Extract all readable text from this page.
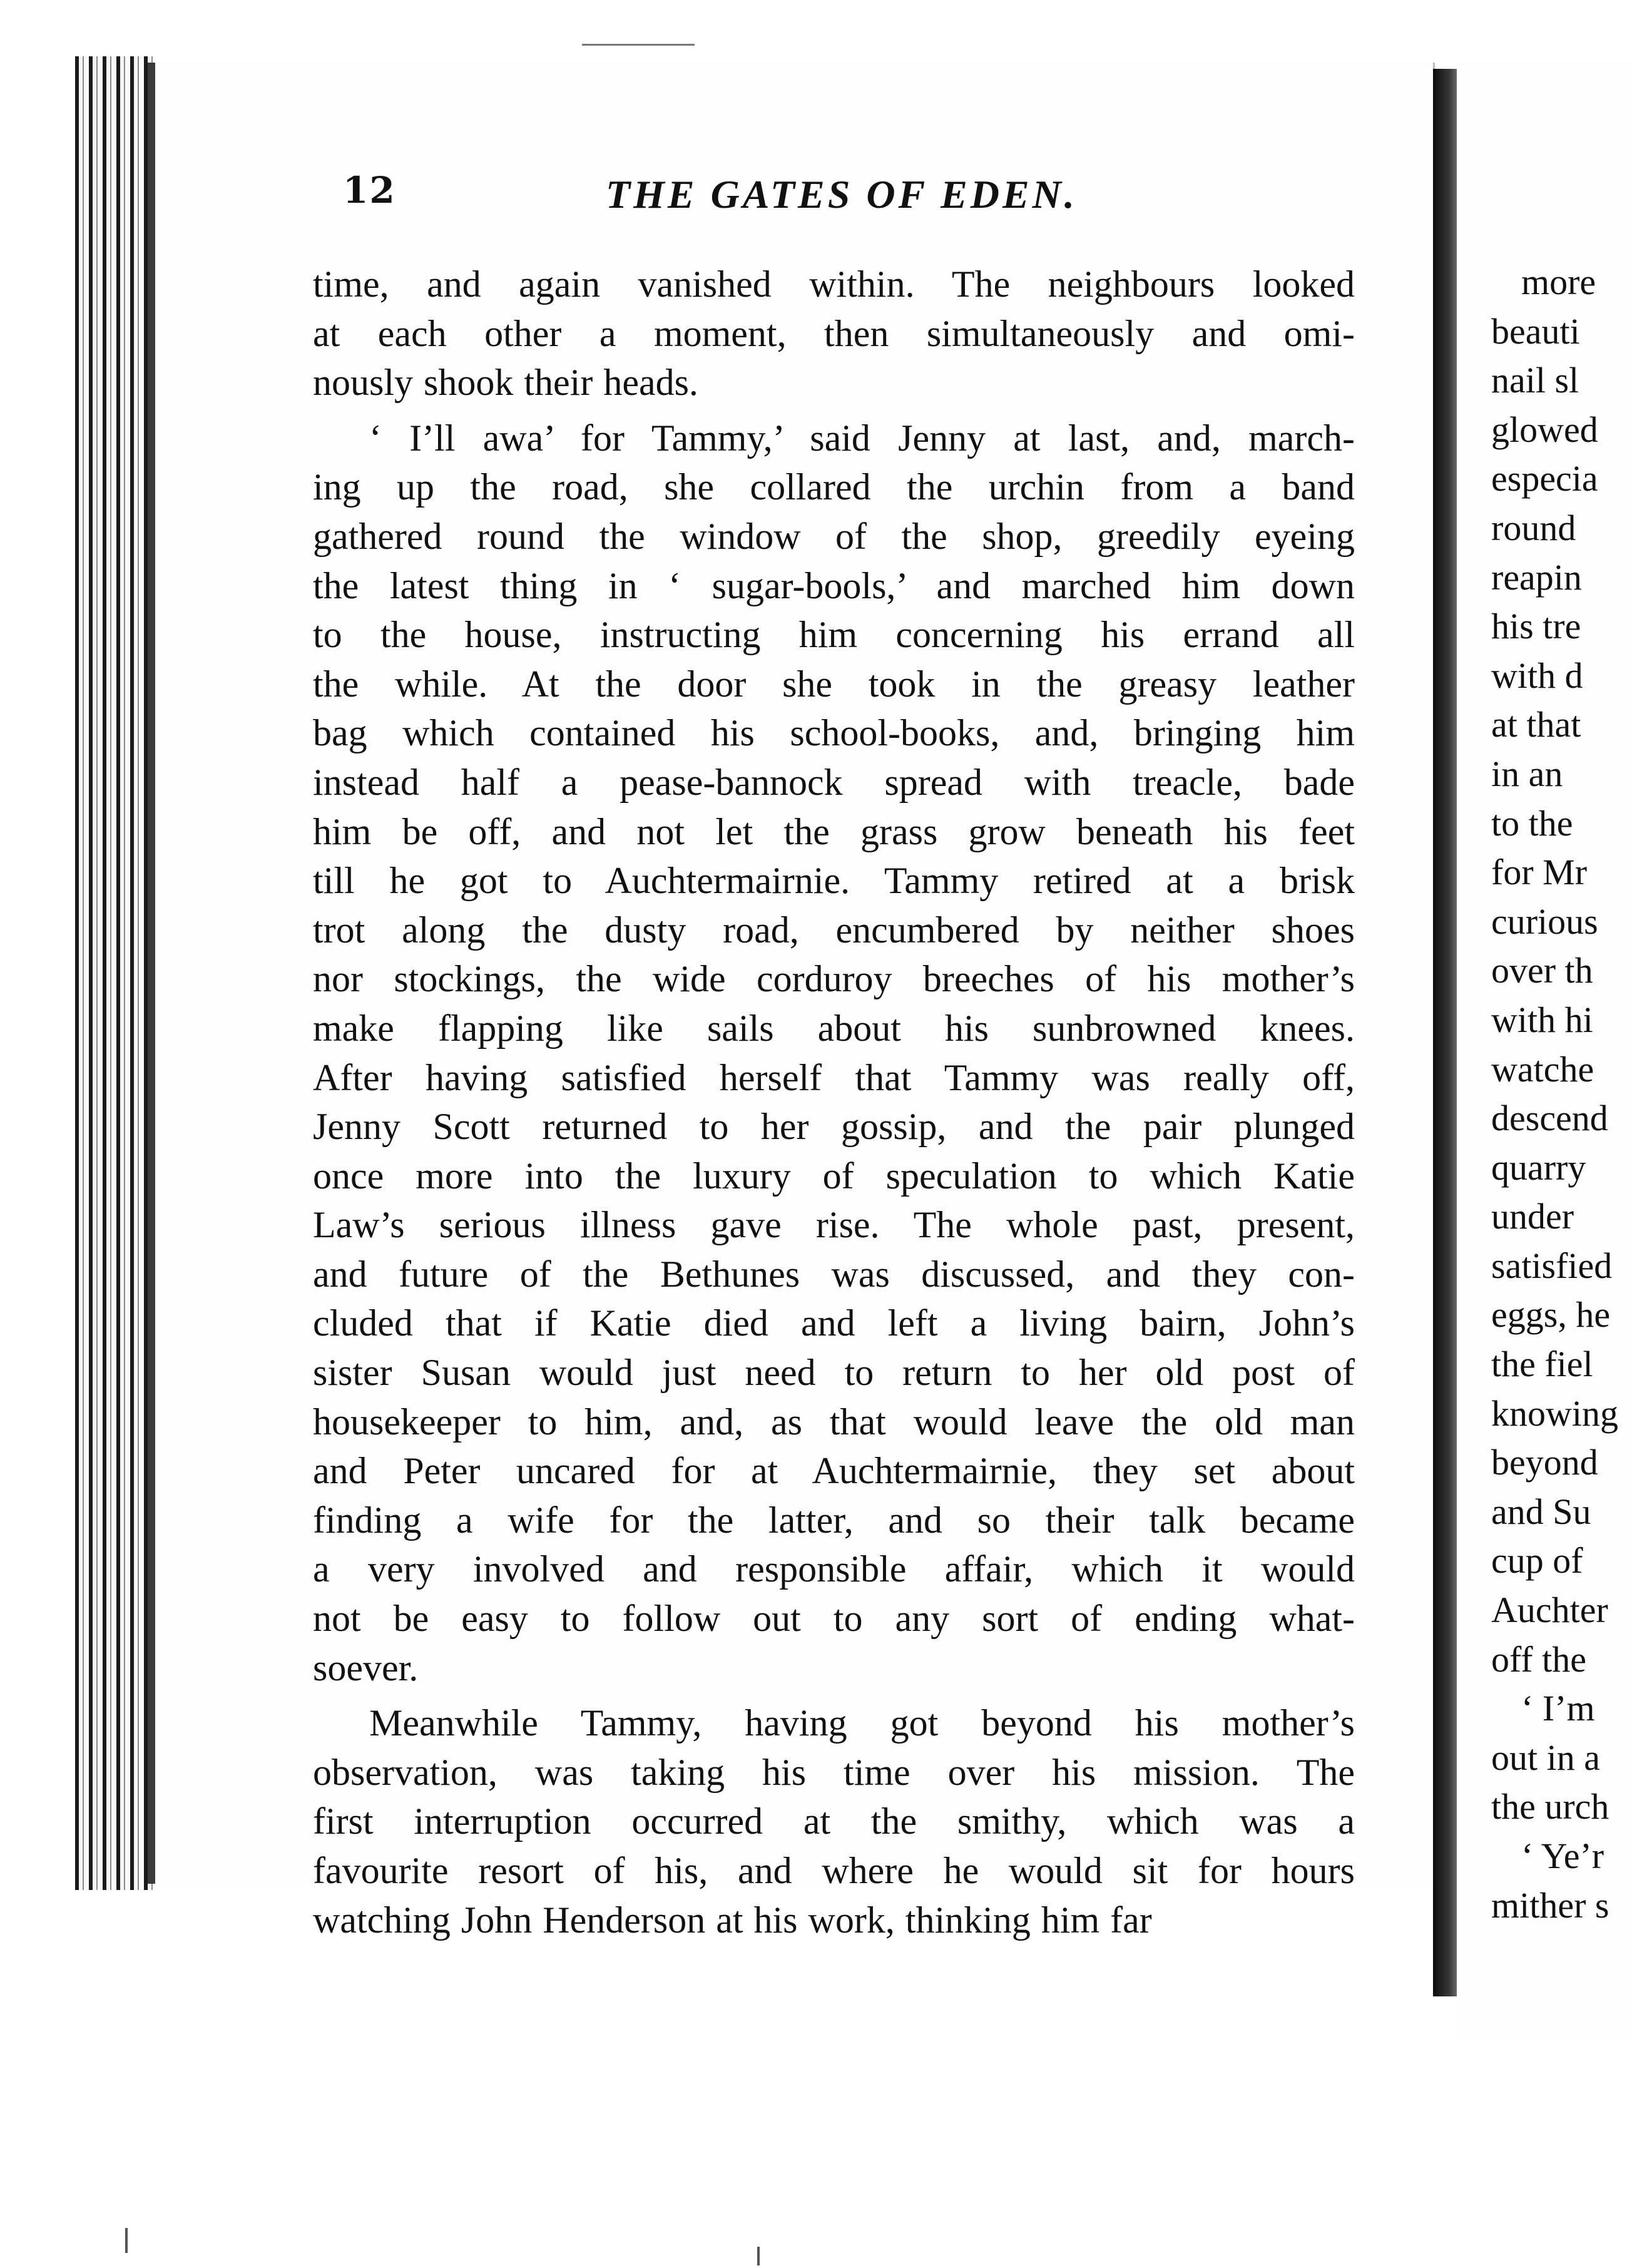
more
beauti
nail sl
glowed
especia
round
reapin
his tre
with d
at that
in an
to the
for Mr
curious
over th
with hi
watche
descend
quarry
under
satisfied
eggs, he
the fiel
knowing
beyond
and Su
cup of
Auchter
off the
‘ I’m
out in a
the urch
‘ Ye’r
mither s
12	THE GATES OF EDEN.
time, and again vanished within. The neighbours looked
at each other a moment, then simultaneously and omi-
nously shook their heads.
‘ I’ll awa’ for Tammy,’ said Jenny at last, and, march-
ing up the road, she collared the urchin from a band
gathered round the window of the shop, greedily eyeing
the latest thing in ‘ sugar-bools,’ and marched him down
to the house, instructing him concerning his errand all
the while. At the door she took in the greasy leather
bag which contained his school-books, and, bringing him
instead half a pease-bannock spread with treacle, bade
him be off, and not let the grass grow beneath his feet
till he got to Auchtermairnie. Tammy retired at a brisk
trot along the dusty road, encumbered by neither shoes
nor stockings, the wide corduroy breeches of his mother’s
make flapping like sails about his sunbrowned knees.
After having satisfied herself that Tammy was really off,
Jenny Scott returned to her gossip, and the pair plunged
once more into the luxury of speculation to which Katie
Law’s serious illness gave rise. The whole past, present,
and future of the Bethunes was discussed, and they con-
cluded that if Katie died and left a living bairn, John’s
sister Susan would just need to return to her old post of
housekeeper to him, and, as that would leave the old man
and Peter uncared for at Auchtermairnie, they set about
finding a wife for the latter, and so their talk became
a very involved and responsible affair, which it would
not be easy to follow out to any sort of ending what-
soever.
Meanwhile Tammy, having got beyond his mother’s
observation, was taking his time over his mission. The
first interruption occurred at the smithy, which was a
favourite resort of his, and where he would sit for hours
watching John Henderson at his work, thinking him far
